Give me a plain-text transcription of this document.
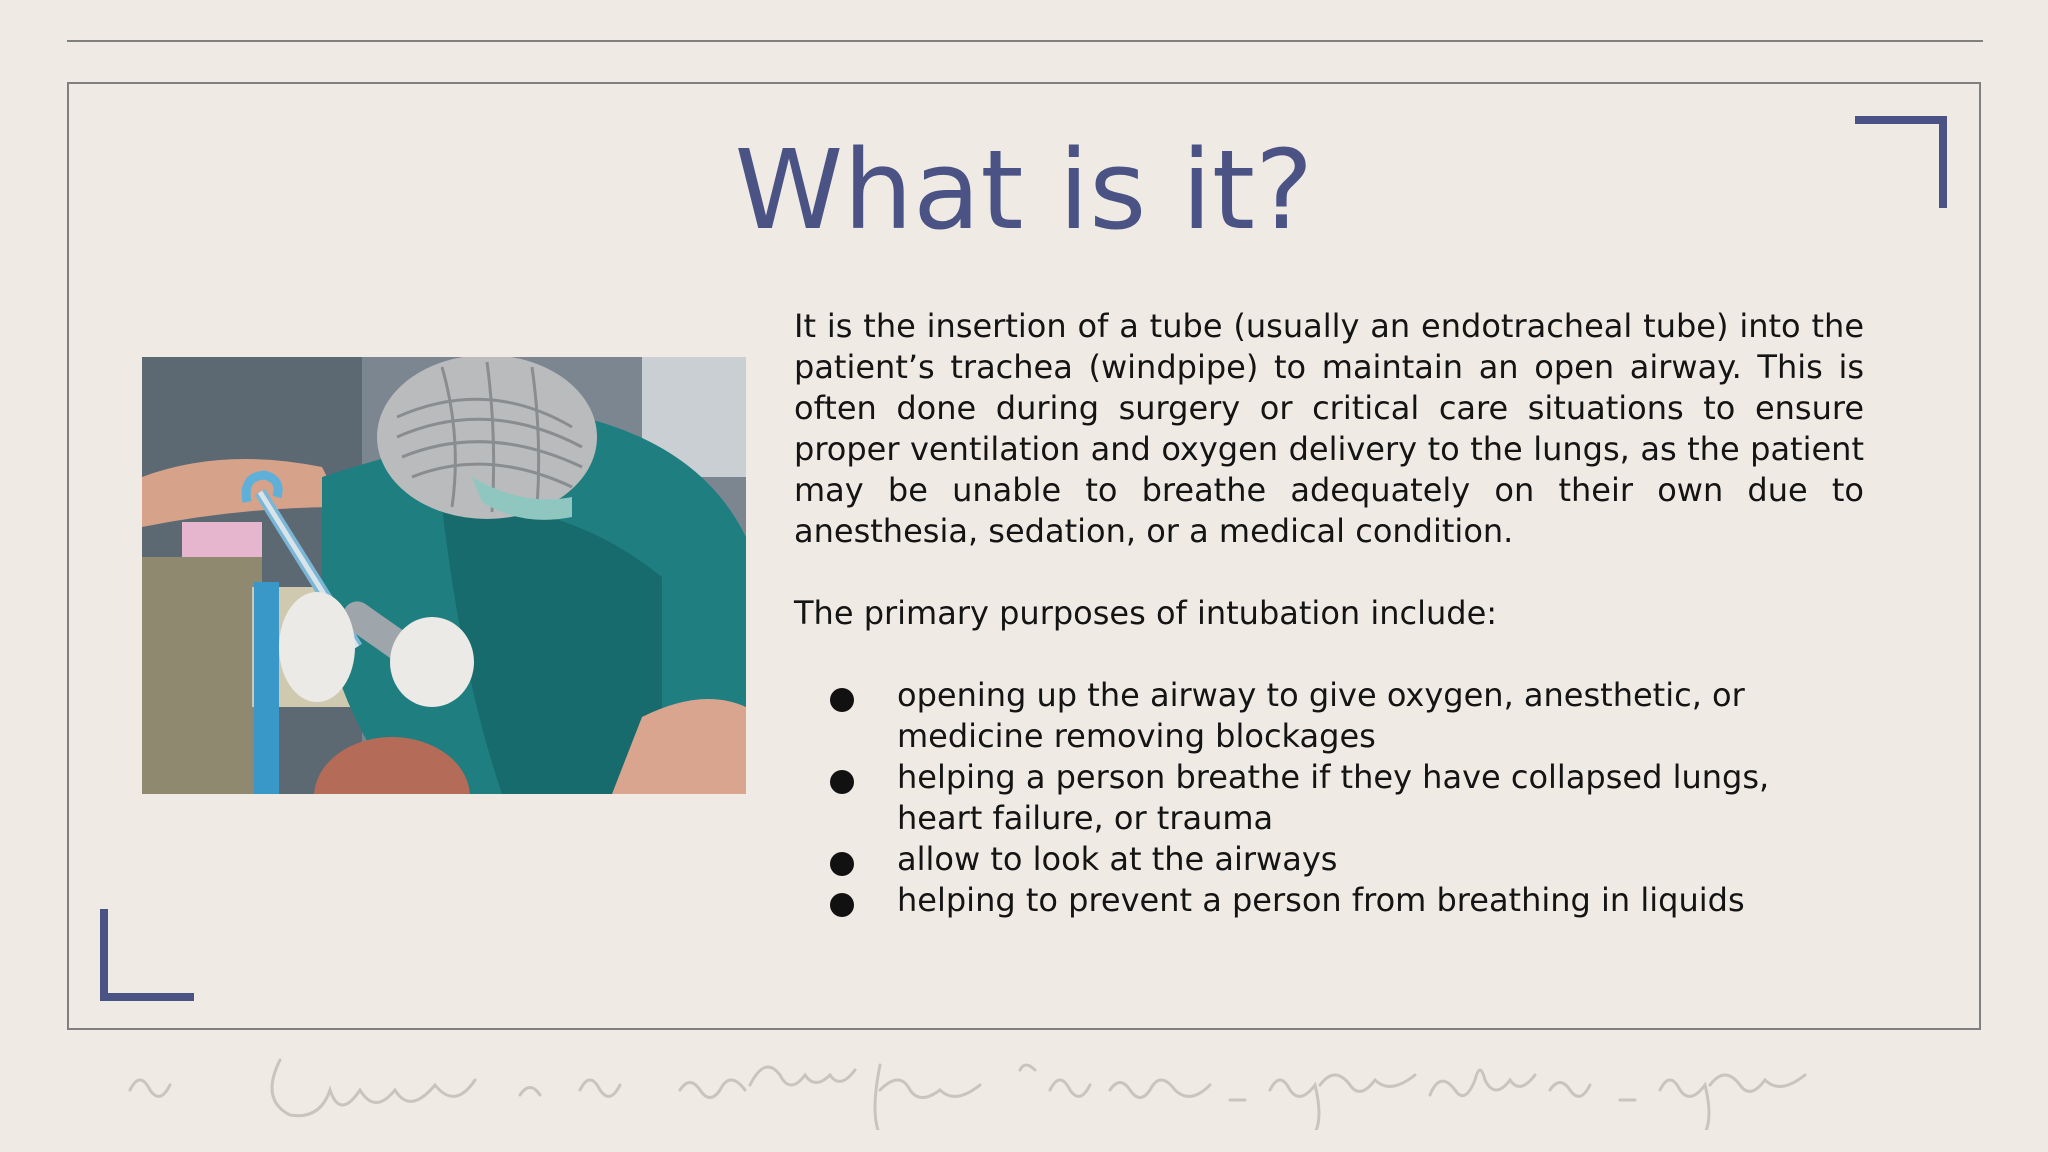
What is it?

It is the insertion of a tube (usually an endotracheal tube) into the patient’s trachea (windpipe) to maintain an open airway. This is often done during surgery or critical care situations to ensure proper ventilation and oxygen delivery to the lungs, as the patient may be unable to breathe adequately on their own due to anesthesia, sedation, or a medical condition.

The primary purposes of intubation include:

opening up the airway to give oxygen, anesthetic, or medicine removing blockages
helping a person breathe if they have collapsed lungs, heart failure, or trauma
allow to look at the airways
helping to prevent a person from breathing in liquids
